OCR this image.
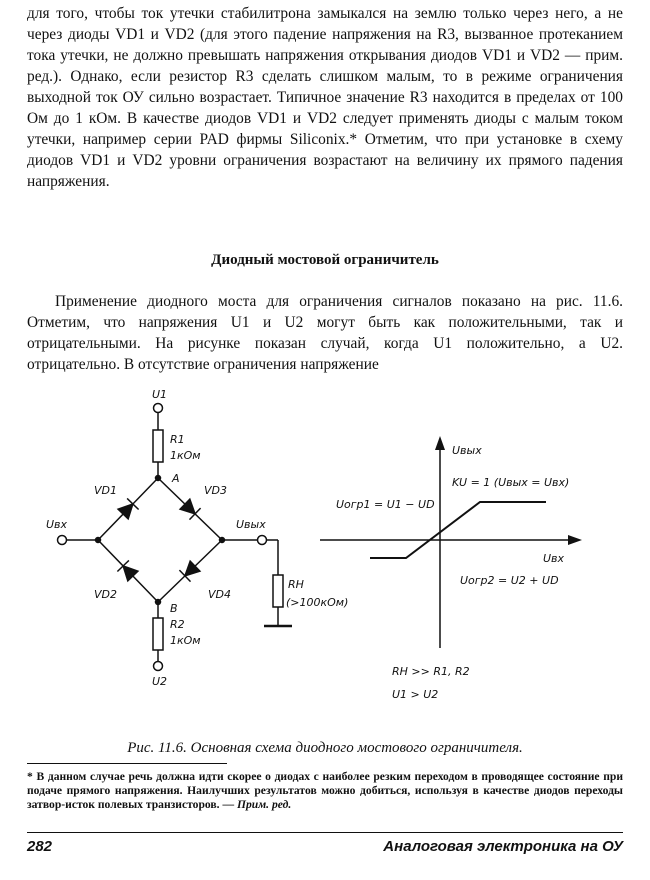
для того, чтобы ток утечки стабилитрона замыкался на землю только через него, а не через диоды VD1 и VD2 (для этого падение напряжения на R3, вызванное протеканием тока утечки, не должно превышать напряжения открывания диодов VD1 и VD2 — прим. ред.). Однако, если резистор R3 сделать слишком малым, то в режиме ограничения выходной ток ОУ сильно возрастает. Типичное значение R3 находится в пределах от 100 Ом до 1 кОм. В качестве диодов VD1 и VD2 следует применять диоды с малым током утечки, например серии PAD фирмы Siliconix.* Отметим, что при установке в схему диодов VD1 и VD2 уровни ограничения возрастают на величину их прямого падения напряжения.

Диодный мостовой ограничитель

Применение диодного моста для ограничения сигналов показано на рис. 11.6. Отметим, что напряжения U1 и U2 могут быть как положительными, так и отрицательными. На рисунке показан случай, когда U1 положительно, а U2. отрицательно. В отсутствие ограничения напряжение

U1
R1
1кОм
A
VD1	VD3
Uвх	Uвых
VD2	VD4
B
R2
1кОм
U2
RН
(>100кОм)
Uвых
Uвх
KU = 1 (Uвых = Uвх)
Uогр1 = U1 − UD
Uогр2 = U2 + UD
RН >> R1, R2
U1 > U2

Рис. 11.6. Основная схема диодного мостового ограничителя.

* В данном случае речь должна идти скорее о диодах с наиболее резким переходом в проводящее состояние при подаче прямого напряжения. Наилучших результатов можно добиться, используя в качестве диодов переходы затвор-исток полевых транзисторов. — Прим. ред.

282	Аналоговая электроника на ОУ
